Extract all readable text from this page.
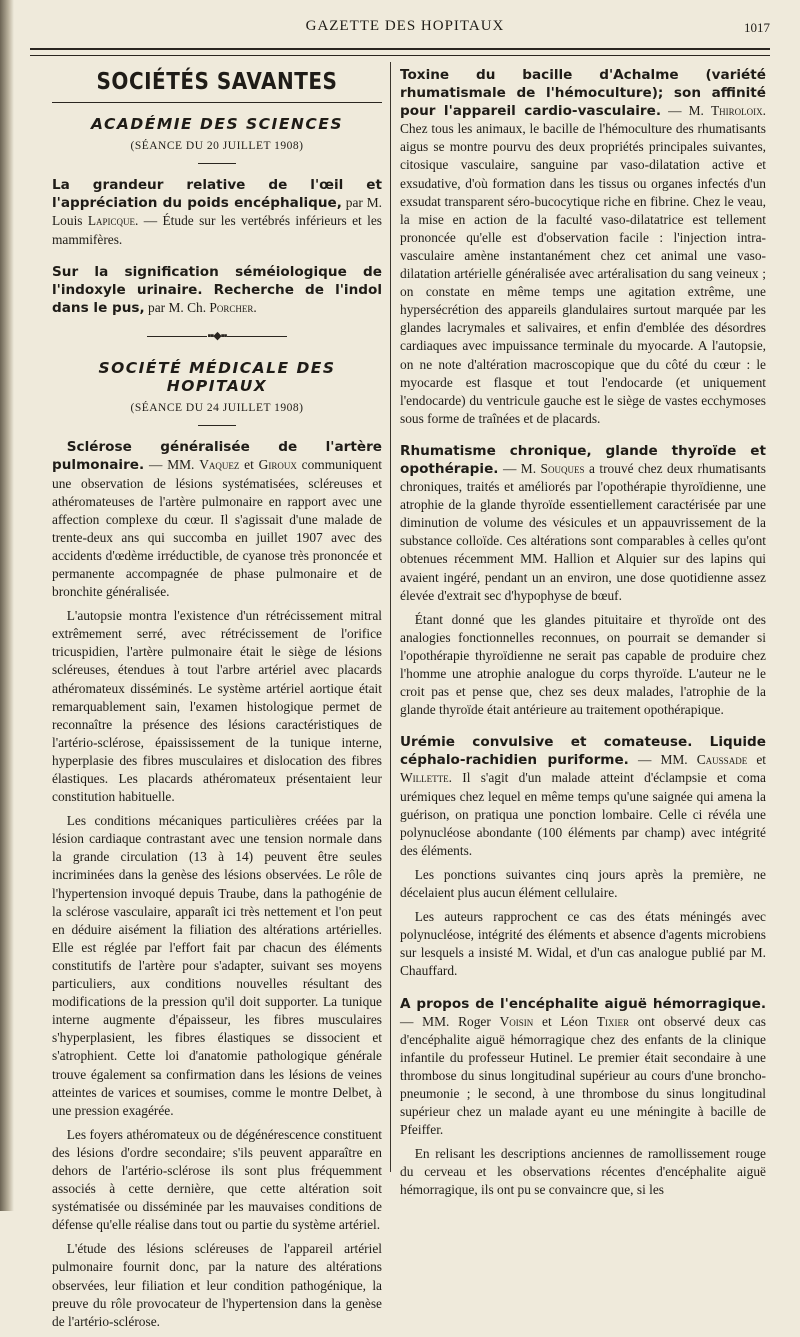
GAZETTE DES HOPITAUX	1017
SOCIÉTÉS SAVANTES
ACADÉMIE DES SCIENCES
(SÉANCE DU 20 JUILLET 1908)

La grandeur relative de l'œil et l'appréciation du poids encéphalique, par M. Louis Lapicque. — Étude sur les vertébrés inférieurs et les mammifères.

Sur la signification séméiologique de l'indoxyle urinaire. Recherche de l'indol dans le pus, par M. Ch. Porcher.

▪▪◆▪▪
SOCIÉTÉ MÉDICALE DES HOPITAUX
(SÉANCE DU 24 JUILLET 1908)

Sclérose généralisée de l'artère pulmonaire. — MM. Vaquez et Giroux communiquent une observation de lésions systématisées, scléreuses et athéromateuses de l'artère pulmonaire en rapport avec une affection complexe du cœur. Il s'agissait d'une malade de trente-deux ans qui succomba en juillet 1907 avec des accidents d'œdème irréductible, de cyanose très prononcée et permanente accompagnée de phase pulmonaire et de bronchite généralisée.

L'autopsie montra l'existence d'un rétrécissement mitral extrêmement serré, avec rétrécissement de l'orifice tricuspidien, l'artère pulmonaire était le siège de lésions scléreuses, étendues à tout l'arbre artériel avec placards athéromateux disséminés. Le système artériel aortique était remarquablement sain, l'examen histologique permet de reconnaître la présence des lésions caractéristiques de l'artério-sclérose, épaississement de la tunique interne, hyperplasie des fibres musculaires et dislocation des fibres élastiques. Les placards athéromateux présentaient leur constitution habituelle.

Les conditions mécaniques particulières créées par la lésion cardiaque contrastant avec une tension normale dans la grande circulation (13 à 14) peuvent être seules incriminées dans la genèse des lésions observées. Le rôle de l'hypertension invoqué depuis Traube, dans la pathogénie de la sclérose vasculaire, apparaît ici très nettement et l'on peut en déduire aisément la filiation des altérations artérielles. Elle est réglée par l'effort fait par chacun des éléments constitutifs de l'artère pour s'adapter, suivant ses moyens particuliers, aux conditions nouvelles résultant des modifications de la pression qu'il doit supporter. La tunique interne augmente d'épaisseur, les fibres musculaires s'hyperplasient, les fibres élastiques se dissocient et s'atrophient. Cette loi d'anatomie pathologique générale trouve également sa confirmation dans les lésions de veines atteintes de varices et soumises, comme le montre Delbet, à une pression exagérée.

Les foyers athéromateux ou de dégénérescence constituent des lésions d'ordre secondaire; s'ils peuvent apparaître en dehors de l'artério-sclérose ils sont plus fréquemment associés à cette dernière, que cette altération soit systématisée ou disséminée par les mauvaises conditions de défense qu'elle réalise dans tout ou partie du système artériel.

L'étude des lésions scléreuses de l'appareil artériel pulmonaire fournit donc, par la nature des altérations observées, leur filiation et leur condition pathogénique, la preuve du rôle provocateur de l'hypertension dans la genèse de l'artério-sclérose.

Toxine du bacille d'Achalme (variété rhumatismale de l'hémoculture); son affinité pour l'appareil cardio-vasculaire. — M. Thiroloix. Chez tous les animaux, le bacille de l'hémoculture des rhumatisants aigus se montre pourvu des deux propriétés principales suivantes, citosique vasculaire, sanguine par vaso-dilatation active et exsudative, d'où formation dans les tissus ou organes infectés d'un exsudat transparent séro-bucocytique riche en fibrine. Chez le veau, la mise en action de la faculté vaso-dilatatrice est tellement prononcée qu'elle est d'observation facile : l'injection intra-vasculaire amène instantanément chez cet animal une vaso-dilatation artérielle généralisée avec artéralisation du sang veineux ; on constate en même temps une agitation extrême, une hypersécrétion des appareils glandulaires surtout marquée par les glandes lacrymales et salivaires, et enfin d'emblée des désordres cardiaques avec impuissance terminale du myocarde. A l'autopsie, on ne note d'altération macroscopique que du côté du cœur : le myocarde est flasque et tout l'endocarde (et uniquement l'endocarde) du ventricule gauche est le siège de vastes ecchymoses sous forme de traînées et de placards.

Rhumatisme chronique, glande thyroïde et opothérapie. — M. Souques a trouvé chez deux rhumatisants chroniques, traités et améliorés par l'opothérapie thyroïdienne, une atrophie de la glande thyroïde essentiellement caractérisée par une diminution de volume des vésicules et un appauvrissement de la substance colloïde. Ces altérations sont comparables à celles qu'ont obtenues récemment MM. Hallion et Alquier sur des lapins qui avaient ingéré, pendant un an environ, une dose quotidienne assez élevée d'extrait sec d'hypophyse de bœuf.

Étant donné que les glandes pituitaire et thyroïde ont des analogies fonctionnelles reconnues, on pourrait se demander si l'opothérapie thyroïdienne ne serait pas capable de produire chez l'homme une atrophie analogue du corps thyroïde. L'auteur ne le croit pas et pense que, chez ses deux malades, l'atrophie de la glande thyroïde était antérieure au traitement opothérapique.

Urémie convulsive et comateuse. Liquide céphalo-rachidien puriforme. — MM. Caussade et Willette. Il s'agit d'un malade atteint d'éclampsie et coma urémiques chez lequel en même temps qu'une saignée qui amena la guérison, on pratiqua une ponction lombaire. Celle ci révéla une polynucléose abondante (100 éléments par champ) avec intégrité des éléments.

Les ponctions suivantes cinq jours après la première, ne décelaient plus aucun élément cellulaire.

Les auteurs rapprochent ce cas des états méningés avec polynucléose, intégrité des éléments et absence d'agents microbiens sur lesquels a insisté M. Widal, et d'un cas analogue publié par M. Chauffard.

A propos de l'encéphalite aiguë hémorragique. — MM. Roger Voisin et Léon Tixier ont observé deux cas d'encéphalite aiguë hémorragique chez des enfants de la clinique infantile du professeur Hutinel. Le premier était secondaire à une thrombose du sinus longitudinal supérieur au cours d'une broncho-pneumonie ; le second, à une thrombose du sinus longitudinal supérieur chez un malade ayant eu une méningite à bacille de Pfeiffer.

En relisant les descriptions anciennes de ramollissement rouge du cerveau et les observations récentes d'encéphalite aiguë hémorragique, ils ont pu se convaincre que, si les
